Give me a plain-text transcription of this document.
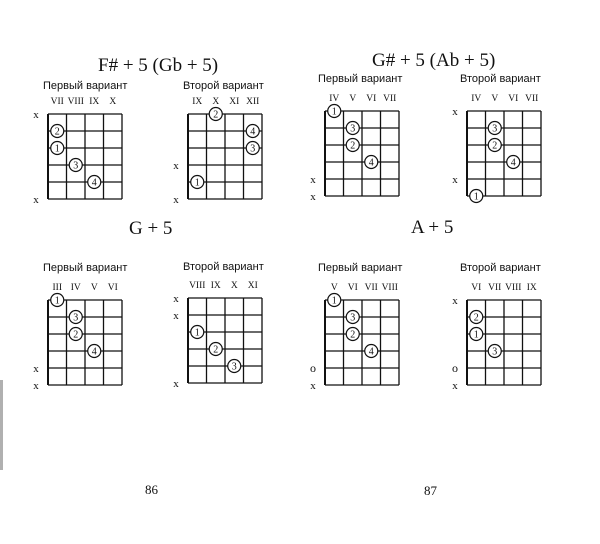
F# + 5 (Gb + 5)	G# + 5 (Ab + 5)
G + 5	A + 5
Первый вариант	Второй вариант
Первый вариант	Второй вариант
Первый вариант	Второй вариант	Первый вариант	Второй вариант
VII VIII IX X
x
x
2
1
3
4
IX X XI XII
x
x
2
4
3
1
IV V VI VII
x
x
1
3
2
4
IV V VI VII
x
x
3
2
4
1
III IV V VI
x
x
1
3
2
4
VIII IX X XI
x
x
x
1
2
3
V VI VII VIII
o
x
1
3
2
4
VI VII VIII IX
x
o
x
2
1
3
86	87
